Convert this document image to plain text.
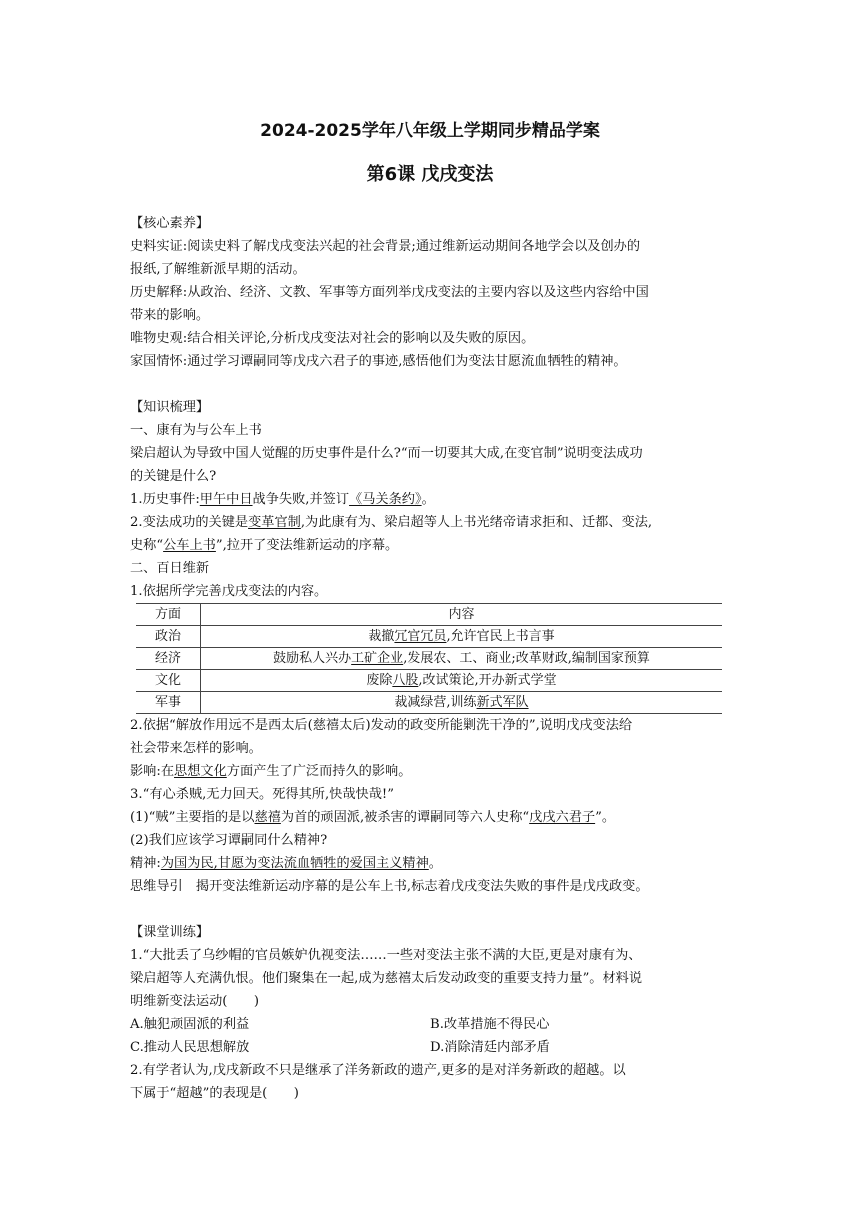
2024-2025学年八年级上学期同步精品学案
第6课 戊戌变法

【核心素养】

史料实证:阅读史料了解戊戌变法兴起的社会背景;通过维新运动期间各地学会以及创办的

报纸,了解维新派早期的活动。

历史解释:从政治、经济、文教、军事等方面列举戊戌变法的主要内容以及这些内容给中国

带来的影响。

唯物史观:结合相关评论,分析戊戌变法对社会的影响以及失败的原因。

家国情怀:通过学习谭嗣同等戊戌六君子的事迹,感悟他们为变法甘愿流血牺牲的精神。

【知识梳理】

一、康有为与公车上书

梁启超认为导致中国人觉醒的历史事件是什么?“而一切要其大成,在变官制”说明变法成功

的关键是什么?

1.历史事件:甲午中日战争失败,并签订《马关条约》。

2.变法成功的关键是变革官制,为此康有为、梁启超等人上书光绪帝请求拒和、迁都、变法,

史称“公车上书”,拉开了变法维新运动的序幕。

二、百日维新

1.依据所学完善戊戌变法的内容。

方面	内容
政治	裁撤冗官冗员,允许官民上书言事
经济	鼓励私人兴办工矿企业,发展农、工、商业;改革财政,编制国家预算
文化	废除八股,改试策论,开办新式学堂
军事	裁减绿营,训练新式军队

2.依据“解放作用远不是西太后(慈禧太后)发动的政变所能剿洗干净的”,说明戊戌变法给

社会带来怎样的影响。

影响:在思想文化方面产生了广泛而持久的影响。

3.“有心杀贼,无力回天。死得其所,快哉快哉!”

(1)“贼”主要指的是以慈禧为首的顽固派,被杀害的谭嗣同等六人史称“戊戌六君子”。

(2)我们应该学习谭嗣同什么精神?

精神:为国为民,甘愿为变法流血牺牲的爱国主义精神。

思维导引　揭开变法维新运动序幕的是公车上书,标志着戊戌变法失败的事件是戊戌政变。

【课堂训练】

1.“大批丢了乌纱帽的官员嫉妒仇视变法……一些对变法主张不满的大臣,更是对康有为、

梁启超等人充满仇恨。他们聚集在一起,成为慈禧太后发动政变的重要支持力量”。材料说

明维新变法运动(　　)

A.触犯顽固派的利益	B.改革措施不得民心

C.推动人民思想解放	D.消除清廷内部矛盾

2.有学者认为,戊戌新政不只是继承了洋务新政的遗产,更多的是对洋务新政的超越。以

下属于“超越”的表现是(　　)
